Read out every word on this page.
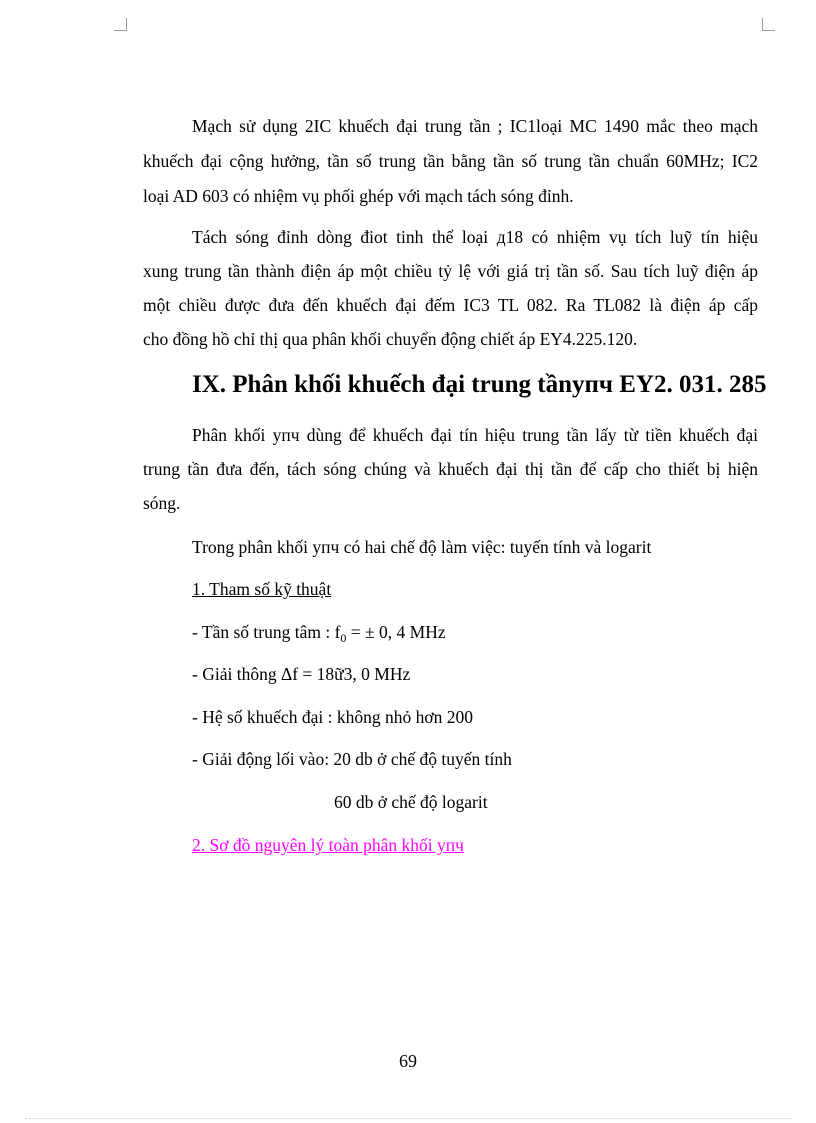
Mạch sử dụng 2IC khuếch đại trung tần ; IC1loại MC 1490 mắc theo mạch
khuếch đại cộng hưởng, tần số trung tần bằng tần số trung tần chuẩn 60MHz; IC2
loại AD 603 có nhiệm vụ phối ghép với mạch tách sóng đỉnh.
Tách sóng đỉnh dòng điot tinh thể loại д18 có nhiệm vụ tích luỹ tín hiệu
xung trung tần thành điện áp một chiều tỷ lệ với giá trị tần số. Sau tích luỹ điện áp
một chiều được đưa đến khuếch đại đếm IC3 TL 082. Ra TL082 là điện áp cấp
cho đồng hồ chỉ thị qua phân khối chuyển động chiết áp EY4.225.120.
IX. Phân khối khuếch đại trung tầnупч EY2. 031. 285
Phân khối упч dùng để khuếch đại tín hiệu trung tần lấy từ tiền khuếch đại
trung tần đưa đến, tách sóng chúng và khuếch đại thị tần để cấp cho thiết bị hiện
sóng.
Trong phân khối упч có hai chế độ làm việc: tuyến tính và logarit
1. Tham số kỹ thuật
- Tần số trung tâm : $f_0$ = ± 0, 4 MHz
- Giải thông Δf = 18ữ3, 0 MHz
- Hệ số khuếch đại : không nhỏ hơn 200
- Giải động lối vào: 20 db ở chế độ tuyến tính
60 db ở chế độ logarit
2. Sơ đồ nguyên lý toàn phân khối упч
69
